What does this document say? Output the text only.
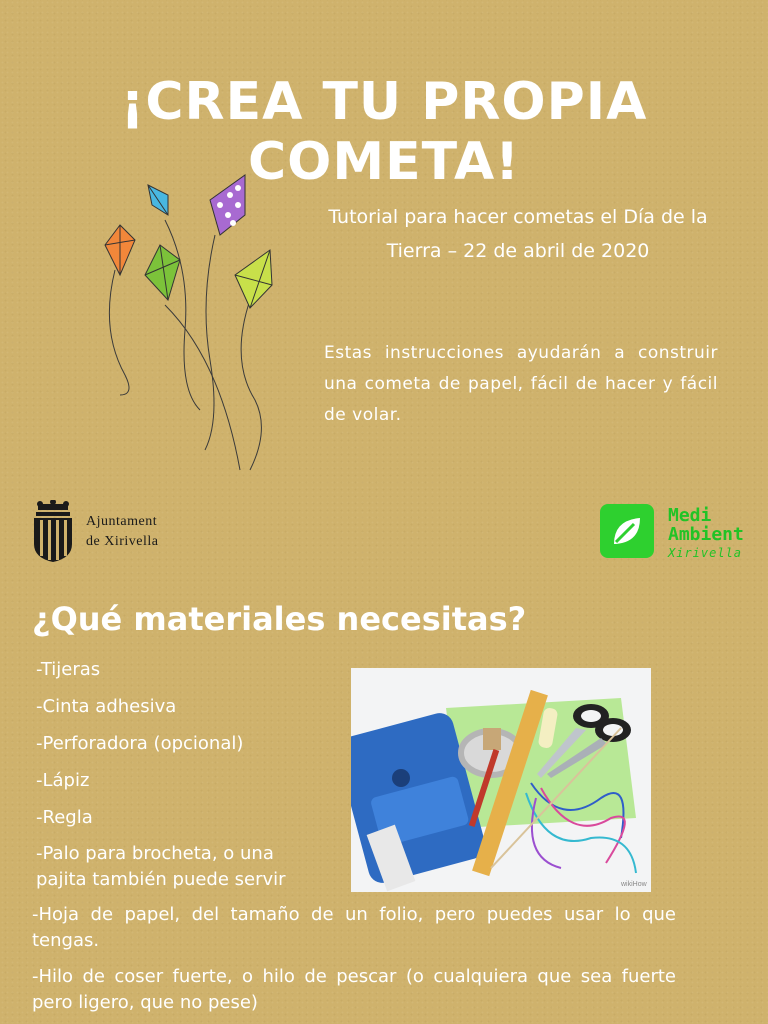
¡CREA TU PROPIA COMETA!

Tutorial para hacer cometas el Día de la Tierra – 22 de abril de 2020

Estas instrucciones ayudarán a construir una cometa de papel, fácil de hacer y fácil de volar.

Ajuntament
de Xirivella
Medi
Ambient
Xirivella
¿Qué materiales necesitas?
-Tijeras
-Cinta adhesiva
-Perforadora (opcional)
-Lápiz
-Regla
-Palo para brocheta, o una pajita también puede servir	wikiHow

-Hoja de papel, del tamaño de un folio, pero puedes usar lo que tengas.

-Hilo de coser fuerte, o hilo de pescar (o cualquiera que sea fuerte pero ligero, que no pese)
